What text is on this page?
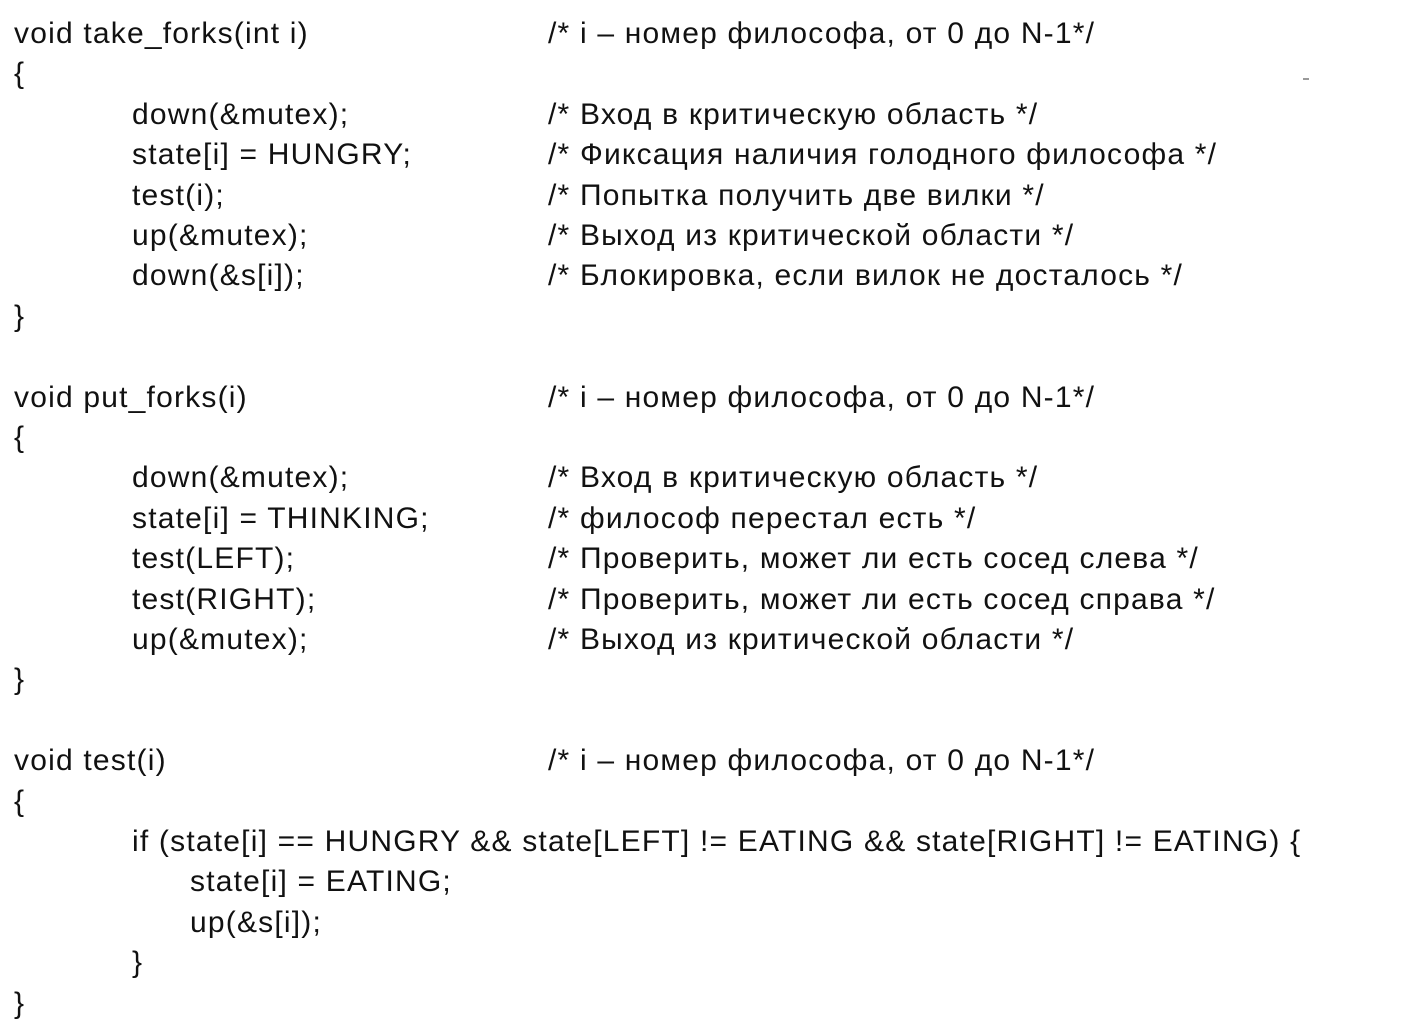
void take_forks(int i)	/* i – номер философа, от 0 до N-1*/
{
down(&mutex);	/* Вход в критическую область */
state[i] = HUNGRY;	/* Фиксация наличия голодного философа */
test(i);	/* Попытка получить две вилки */
up(&mutex);	/* Выход из критической области */
down(&s[i]);	/* Блокировка, если вилок не досталось */
}
void put_forks(i)	/* i – номер философа, от 0 до N-1*/
{
down(&mutex);	/* Вход в критическую область */
state[i] = THINKING;	/* философ перестал есть */
test(LEFT);	/* Проверить, может ли есть сосед слева */
test(RIGHT);	/* Проверить, может ли есть сосед справа */
up(&mutex);	/* Выход из критической области */
}
void test(i)	/* i – номер философа, от 0 до N-1*/
{
if (state[i] == HUNGRY && state[LEFT] != EATING && state[RIGHT] != EATING) {
state[i] = EATING;
up(&s[i]);
}
}
